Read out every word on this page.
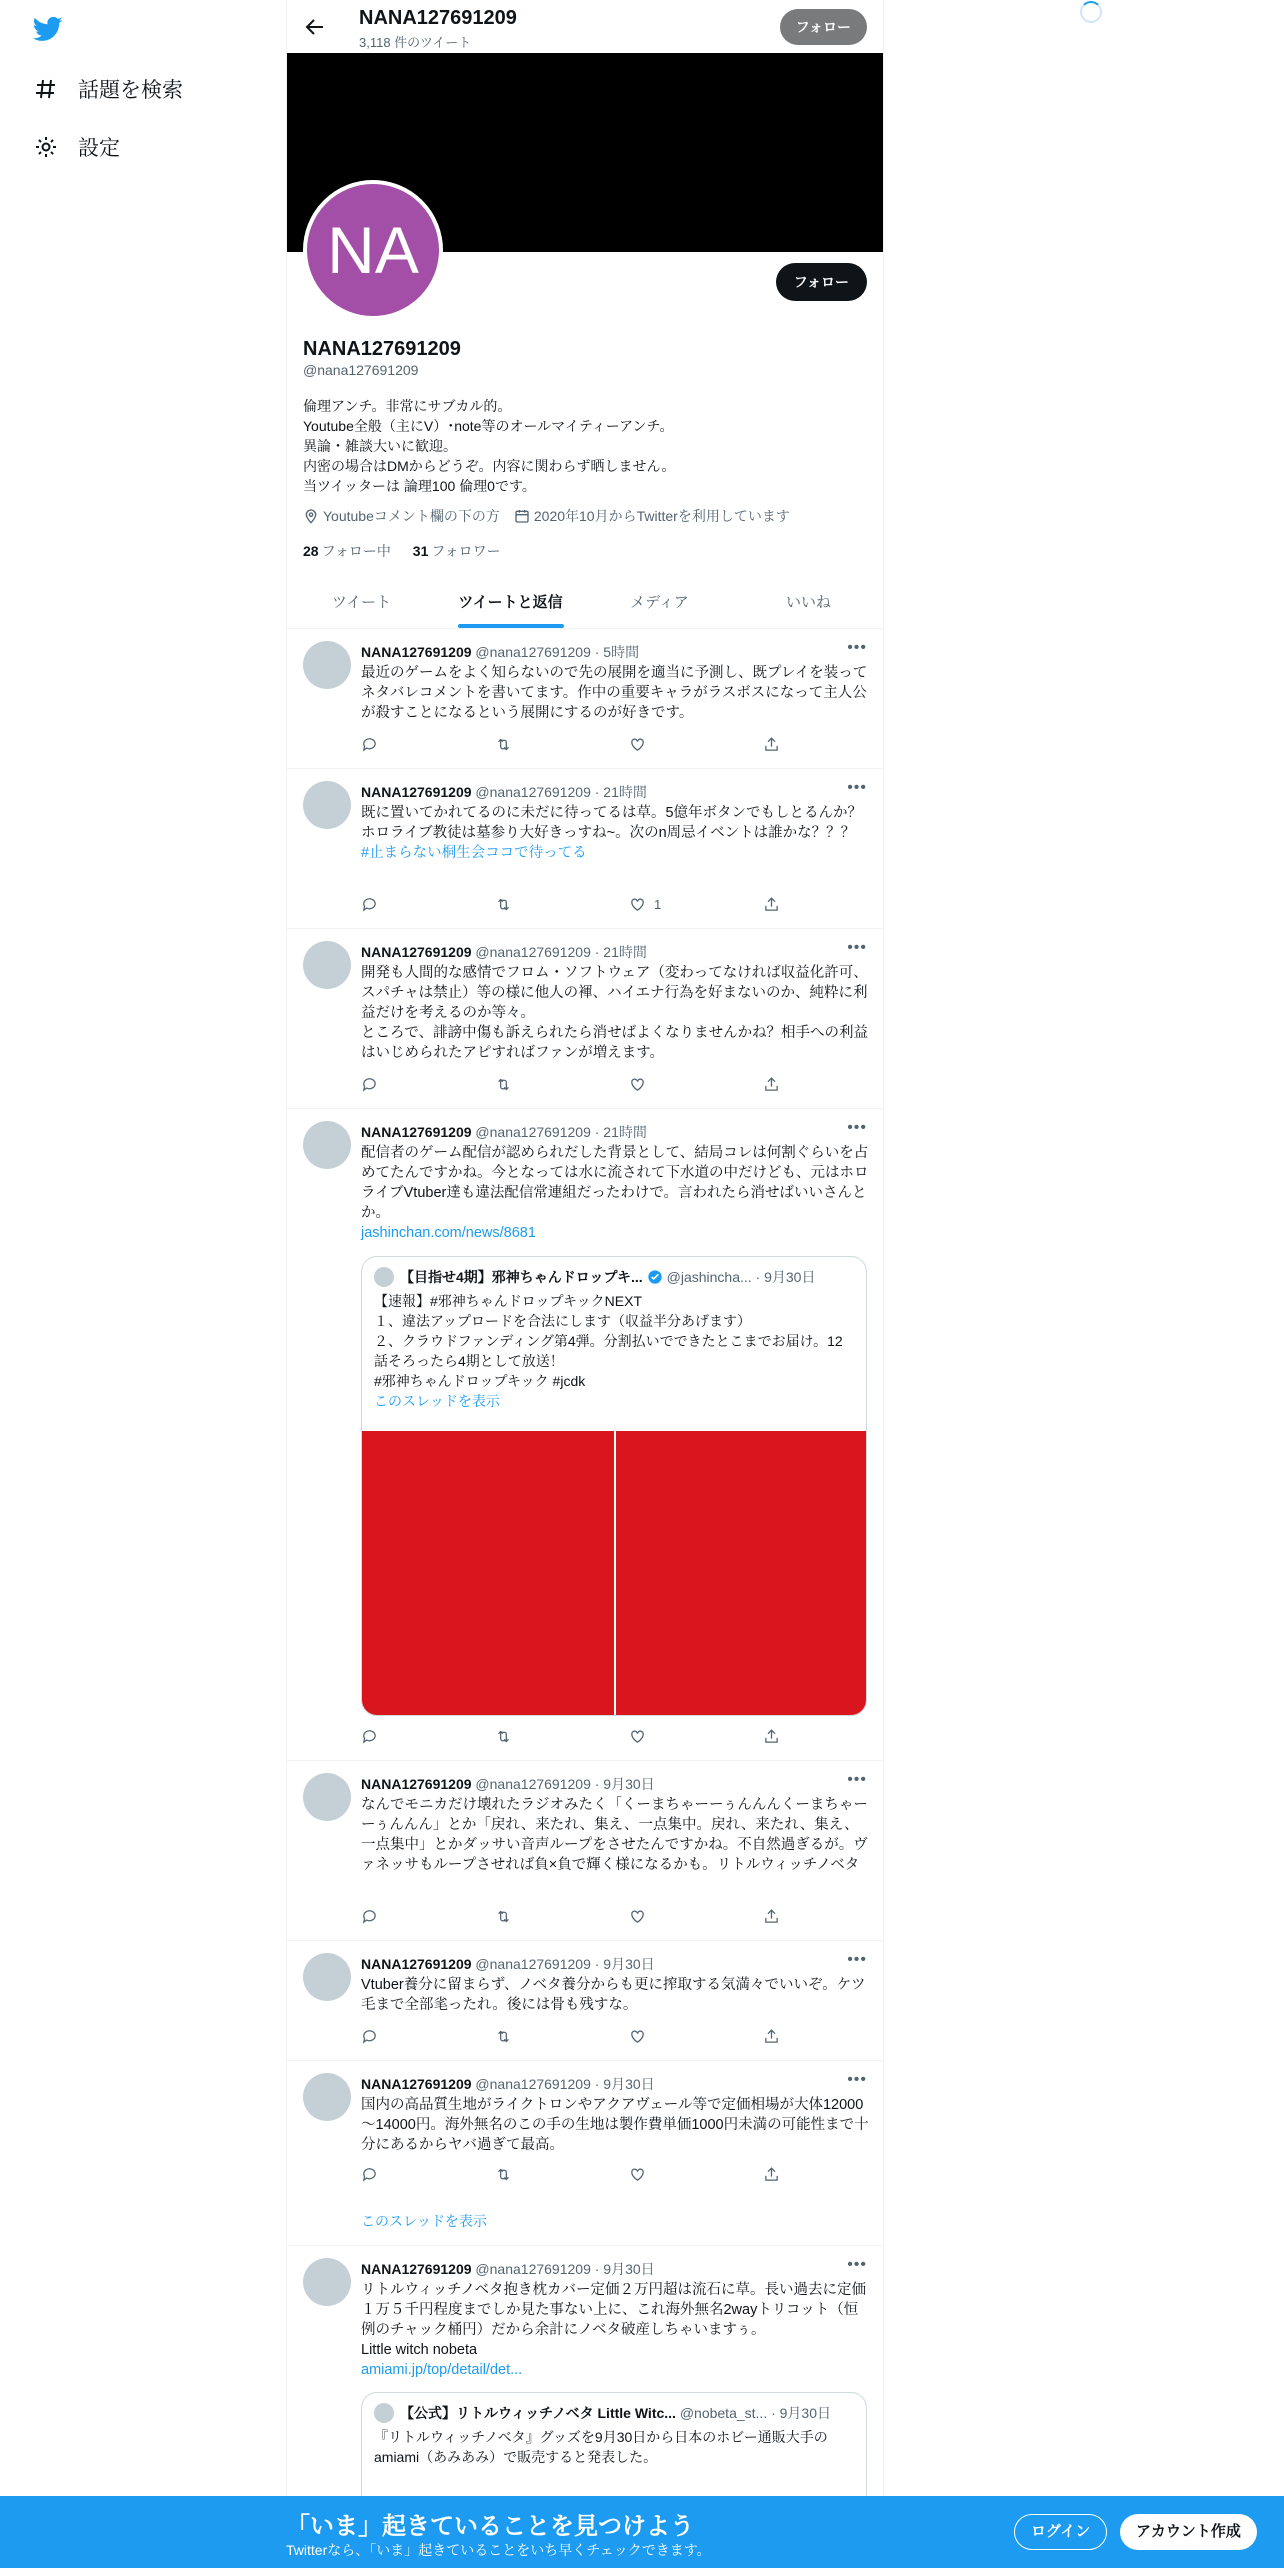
話題を検索
設定
NANA127691209
3,118 件のツイート
フォロー
NA	フォロー
NANA127691209
@nana127691209
倫理アンチ。非常にサブカル的。
Youtube全般（主にV）･note等のオールマイティーアンチ。
異論・雑談大いに歓迎。
内密の場合はDMからどうぞ。内容に関わらず晒しません。
当ツイッターは 論理100 倫理0です。
Youtubeコメント欄の下の方 2020年10月からTwitterを利用しています
28 フォロー中 31 フォロワー
ツイート	ツイートと返信	メディア	いいね
NANA127691209 @nana127691209 · 5時間	•••
最近のゲームをよく知らないので先の展開を適当に予測し、既プレイを装ってネタバレコメントを書いてます。作中の重要キャラがラスボスになって主人公が殺すことになるという展開にするのが好きです。
NANA127691209 @nana127691209 · 21時間	•••
既に置いてかれてるのに未だに待ってるは草。5億年ボタンでもしとるんか？ホロライブ教徒は墓参り大好きっすね~。次のn周忌イベントは誰かな？？？
#止まらない桐生会ココで待ってる
1
NANA127691209 @nana127691209 · 21時間	•••
開発も人間的な感情でフロム・ソフトウェア（変わってなければ収益化許可、スパチャは禁止）等の様に他人の褌、ハイエナ行為を好まないのか、純粋に利益だけを考えるのか等々。
ところで、誹謗中傷も訴えられたら消せばよくなりませんかね？相手への利益はいじめられたアピすればファンが増えます。
NANA127691209 @nana127691209 · 21時間	•••
配信者のゲーム配信が認められだした背景として、結局コレは何割ぐらいを占めてたんですかね。今となっては水に流されて下水道の中だけども、元はホロライブVtuber達も違法配信常連組だったわけで。言われたら消せばいいさんとか。
jashinchan.com/news/8681
【目指せ4期】邪神ちゃんドロップキ... @jashincha... · 9月30日
【速報】#邪神ちゃんドロップキックNEXT
１、違法アップロードを合法にします（収益半分あげます）
２、クラウドファンディング第4弾。分割払いでできたとこまでお届け。12話そろったら4期として放送！
#邪神ちゃんドロップキック #jcdk
このスレッドを表示
NANA127691209 @nana127691209 · 9月30日	•••
なんでモニカだけ壊れたラジオみたく「くーまちゃーーぅんんんくーまちゃーーぅんんん」とか「戻れ、来たれ、集え、一点集中。戻れ、来たれ、集え、一点集中」とかダッサい音声ループをさせたんですかね。不自然過ぎるが。ヴァネッサもループさせれば負×負で輝く様になるかも。リトルウィッチノベタ
NANA127691209 @nana127691209 · 9月30日	•••
Vtuber養分に留まらず、ノベタ養分からも更に搾取する気満々でいいぞ。ケツ毛まで全部毟ったれ。後には骨も残すな。
NANA127691209 @nana127691209 · 9月30日	•••
国内の高品質生地がライクトロンやアクアヴェール等で定価相場が大体12000～14000円。海外無名のこの手の生地は製作費単価1000円未満の可能性まで十分にあるからヤバ過ぎて最高。
このスレッドを表示
NANA127691209 @nana127691209 · 9月30日	•••
リトルウィッチノベタ抱き枕カバー定価２万円超は流石に草。長い過去に定価１万５千円程度までしか見た事ない上に、これ海外無名2wayトリコット（恒例のチャック桶円）だから余計にノベタ破産しちゃいますぅ。
Little witch nobeta
amiami.jp/top/detail/det...
【公式】リトルウィッチノベタ Little Witc...
@nobeta_st... · 9月30日
『リトルウィッチノベタ』グッズを9月30日から日本のホビー通販大手のamiami（あみあみ）で販売すると発表した。
「いま」起きていることを見つけよう
Twitterなら、「いま」起きていることをいち早くチェックできます。
ログイン	アカウント作成
